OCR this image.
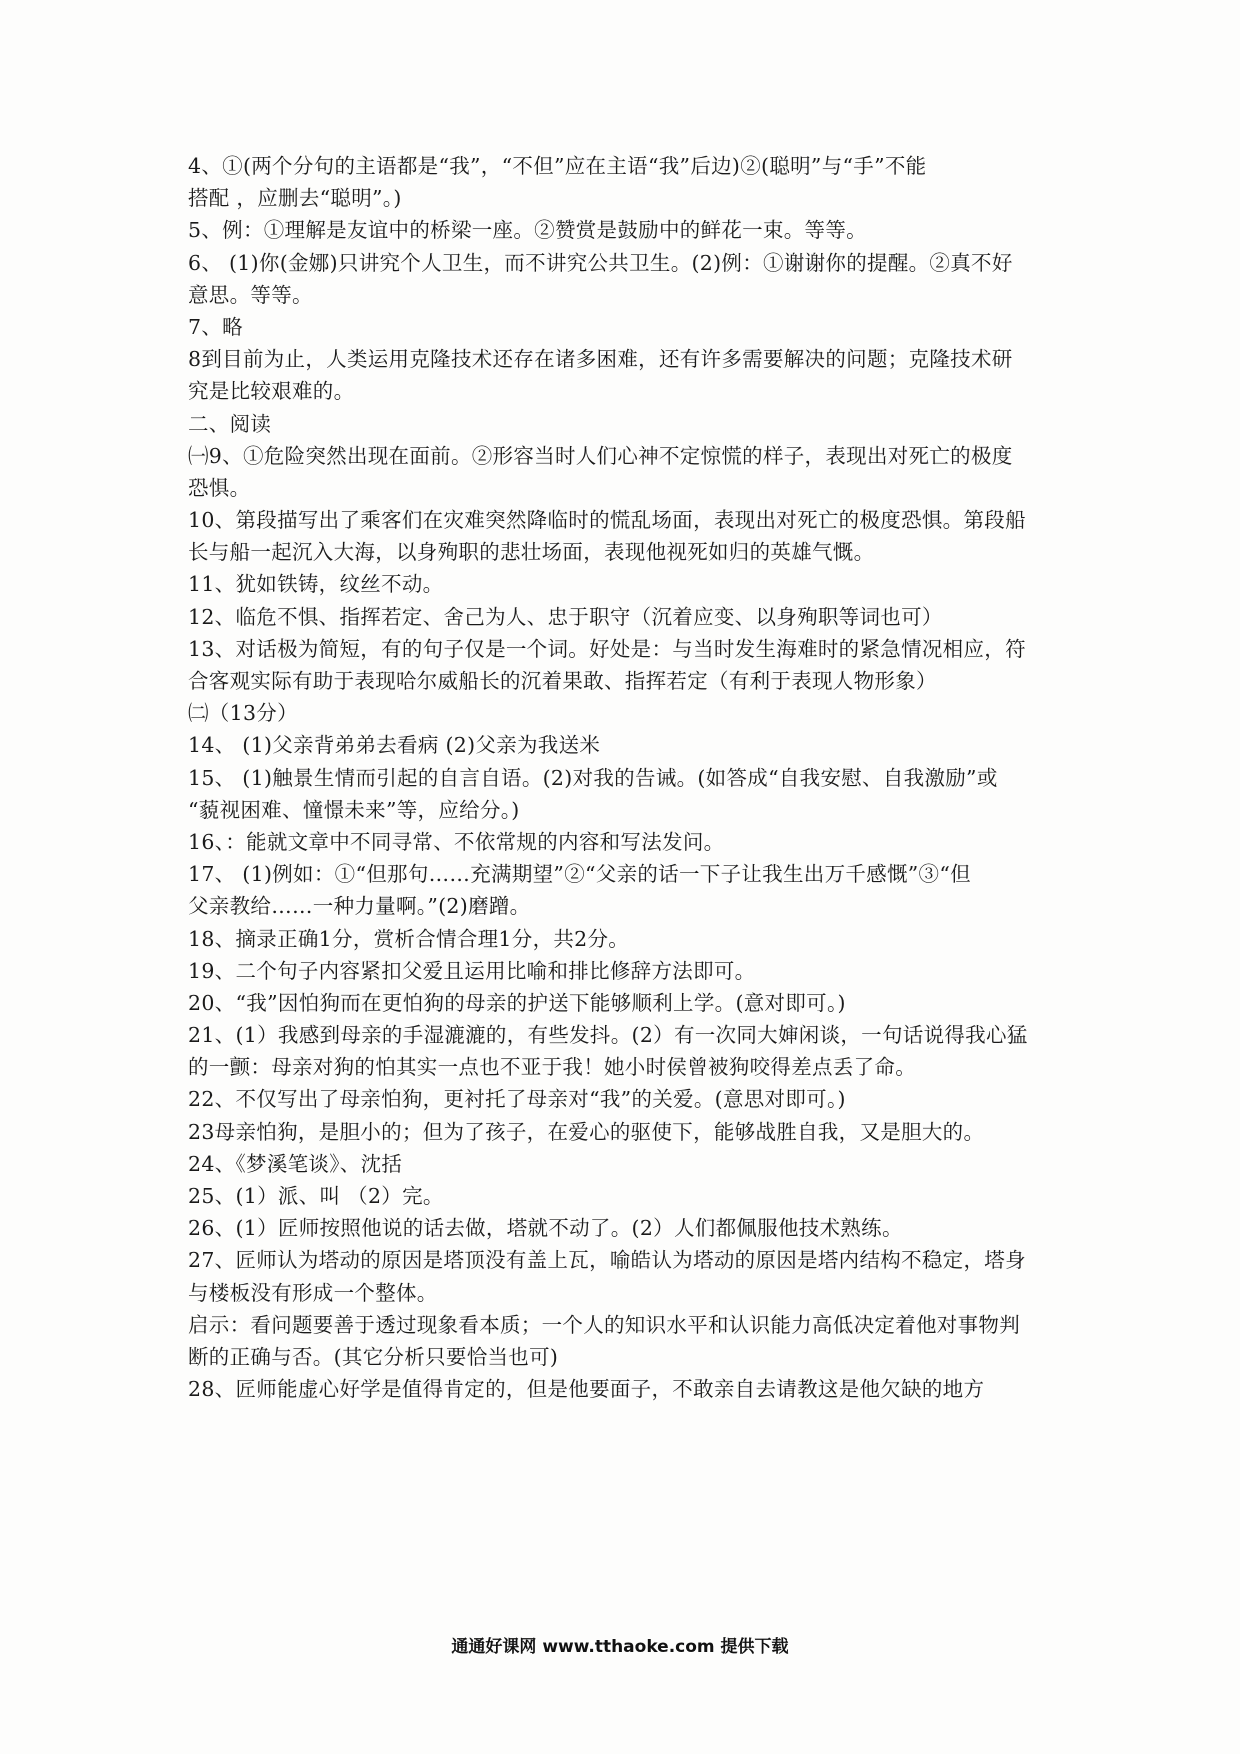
4、①(两个分句的主语都是“我”，“不但”应在主语“我”后边)②(聪明”与“手”不能
搭配 ，应删去“聪明”。)
5、例：①理解是友谊中的桥梁一座。②赞赏是鼓励中的鲜花一束。等等。
6、 (1)你(金娜)只讲究个人卫生，而不讲究公共卫生。(2)例：①谢谢你的提醒。②真不好
意思。等等。
7、略
8到目前为止，人类运用克隆技术还存在诸多困难，还有许多需要解决的问题；克隆技术研
究是比较艰难的。
二、阅读
㈠9、①危险突然出现在面前。②形容当时人们心神不定惊慌的样子，表现出对死亡的极度
恐惧。
10、第段描写出了乘客们在灾难突然降临时的慌乱场面，表现出对死亡的极度恐惧。第段船
长与船一起沉入大海，以身殉职的悲壮场面，表现他视死如归的英雄气慨。
11、犹如铁铸，纹丝不动。
12、临危不惧、指挥若定、舍己为人、忠于职守（沉着应变、以身殉职等词也可）
13、对话极为简短，有的句子仅是一个词。好处是：与当时发生海难时的紧急情况相应，符
合客观实际有助于表现哈尔威船长的沉着果敢、指挥若定（有利于表现人物形象）
㈡（13分）
14、 (1)父亲背弟弟去看病 (2)父亲为我送米
15、 (1)触景生情而引起的自言自语。(2)对我的告诫。(如答成“自我安慰、自我激励”或
“藐视困难、憧憬未来”等，应给分。)
16、：能就文章中不同寻常、不依常规的内容和写法发问。
17、 (1)例如：①“但那句……充满期望”②“父亲的话一下子让我生出万千感慨”③“但
父亲教给……一种力量啊。”(2)磨蹭。
18、摘录正确1分，赏析合情合理1分，共2分。
19、二个句子内容紧扣父爱且运用比喻和排比修辞方法即可。
20、“我”因怕狗而在更怕狗的母亲的护送下能够顺利上学。(意对即可。)
21、(1）我感到母亲的手湿漉漉的，有些发抖。(2）有一次同大婶闲谈，一句话说得我心猛
的一颤：母亲对狗的怕其实一点也不亚于我！她小时侯曾被狗咬得差点丢了命。
22、不仅写出了母亲怕狗，更衬托了母亲对“我”的关爱。(意思对即可。)
23母亲怕狗，是胆小的；但为了孩子，在爱心的驱使下，能够战胜自我，又是胆大的。
24、《梦溪笔谈》、沈括
25、(1）派、叫 （2）完。
26、(1）匠师按照他说的话去做，塔就不动了。(2）人们都佩服他技术熟练。
27、匠师认为塔动的原因是塔顶没有盖上瓦，喻皓认为塔动的原因是塔内结构不稳定，塔身
与楼板没有形成一个整体。
启示：看问题要善于透过现象看本质；一个人的知识水平和认识能力高低决定着他对事物判
断的正确与否。(其它分析只要恰当也可)
28、匠师能虚心好学是值得肯定的，但是他要面子，不敢亲自去请教这是他欠缺的地方
通通好课网 www.tthaoke.com 提供下载
